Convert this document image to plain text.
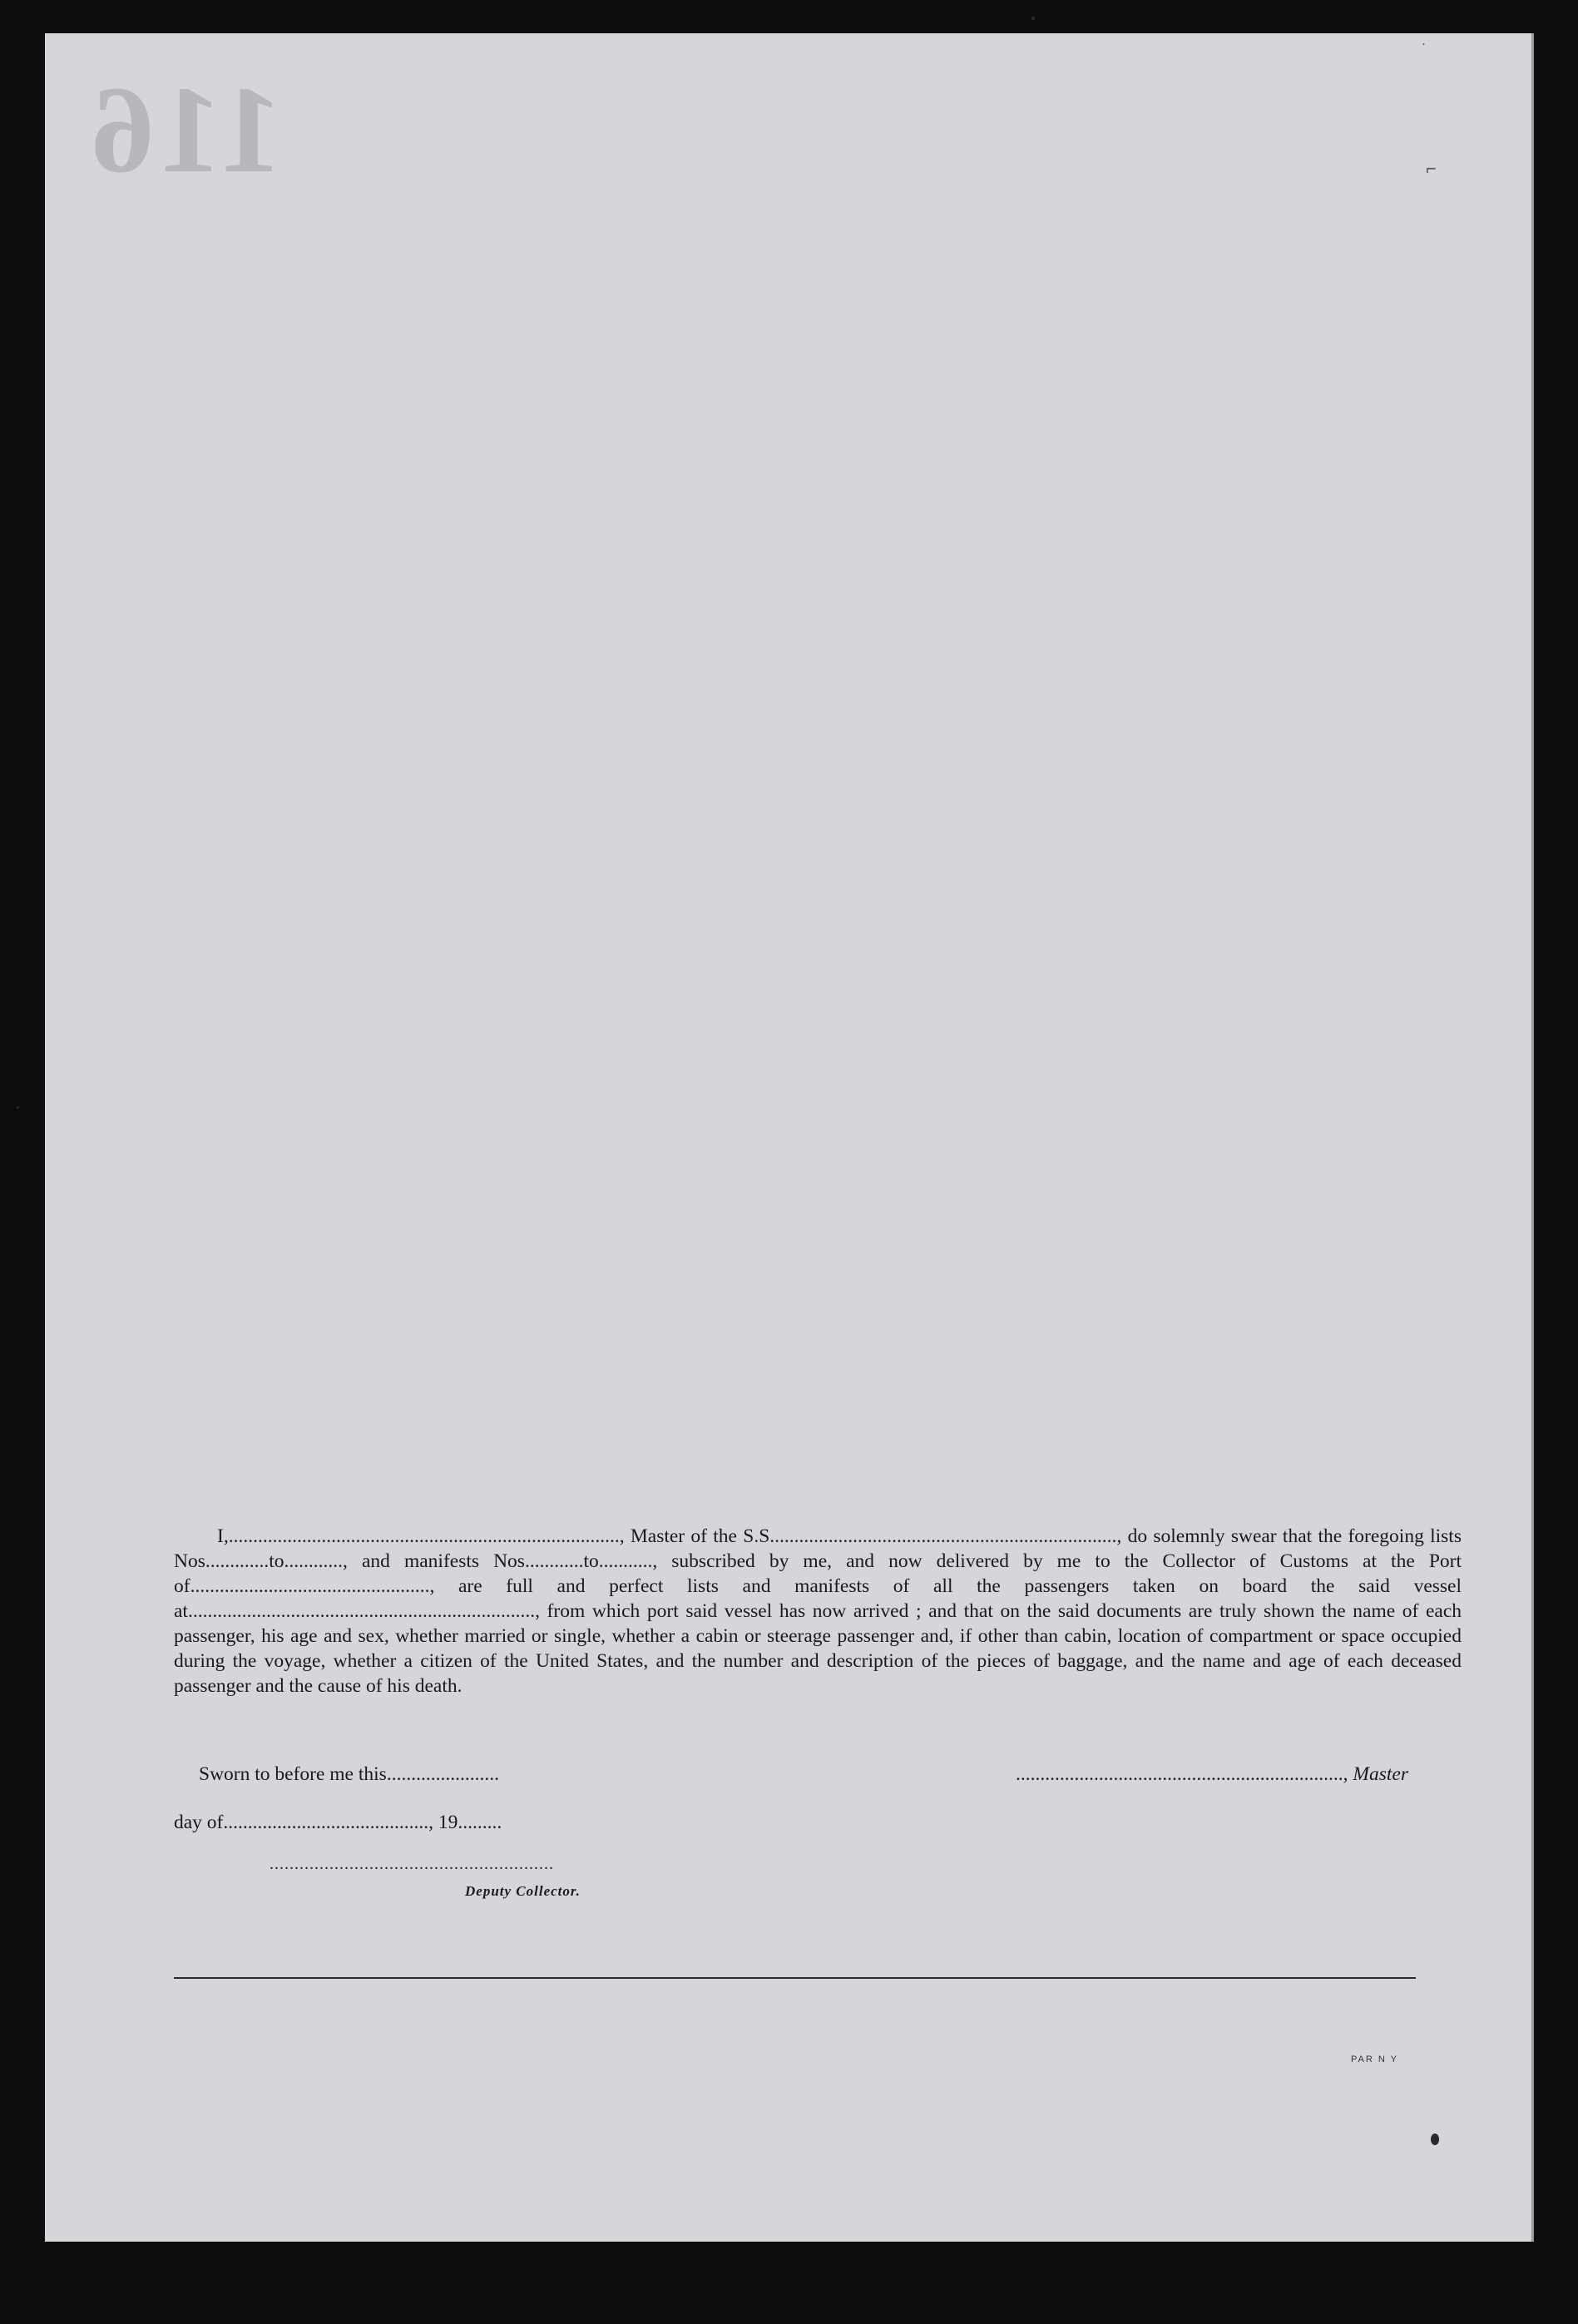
116
˙
⌐

I,................................................................................, Master of the S.S......................................................................., do solemnly swear that the foregoing lists Nos.............to............, and manifests Nos............to..........., subscribed by me, and now delivered by me to the Collector of Customs at the Port of................................................., are full and perfect lists and manifests of all the passengers taken on board the said vessel at......................................................................., from which port said vessel has now arrived ; and that on the said documents are truly shown the name of each passenger, his age and sex, whether married or single, whether a cabin or steerage passenger and, if other than cabin, location of compartment or space occupied during the voyage, whether a citizen of the United States, and the number and description of the pieces of baggage, and the name and age of each deceased passenger and the cause of his death.

Sworn to before me this.......................	..................................................................., Master
day of.........................................., 19.........
.........................................................
Deputy Collector.
PAR N Y
